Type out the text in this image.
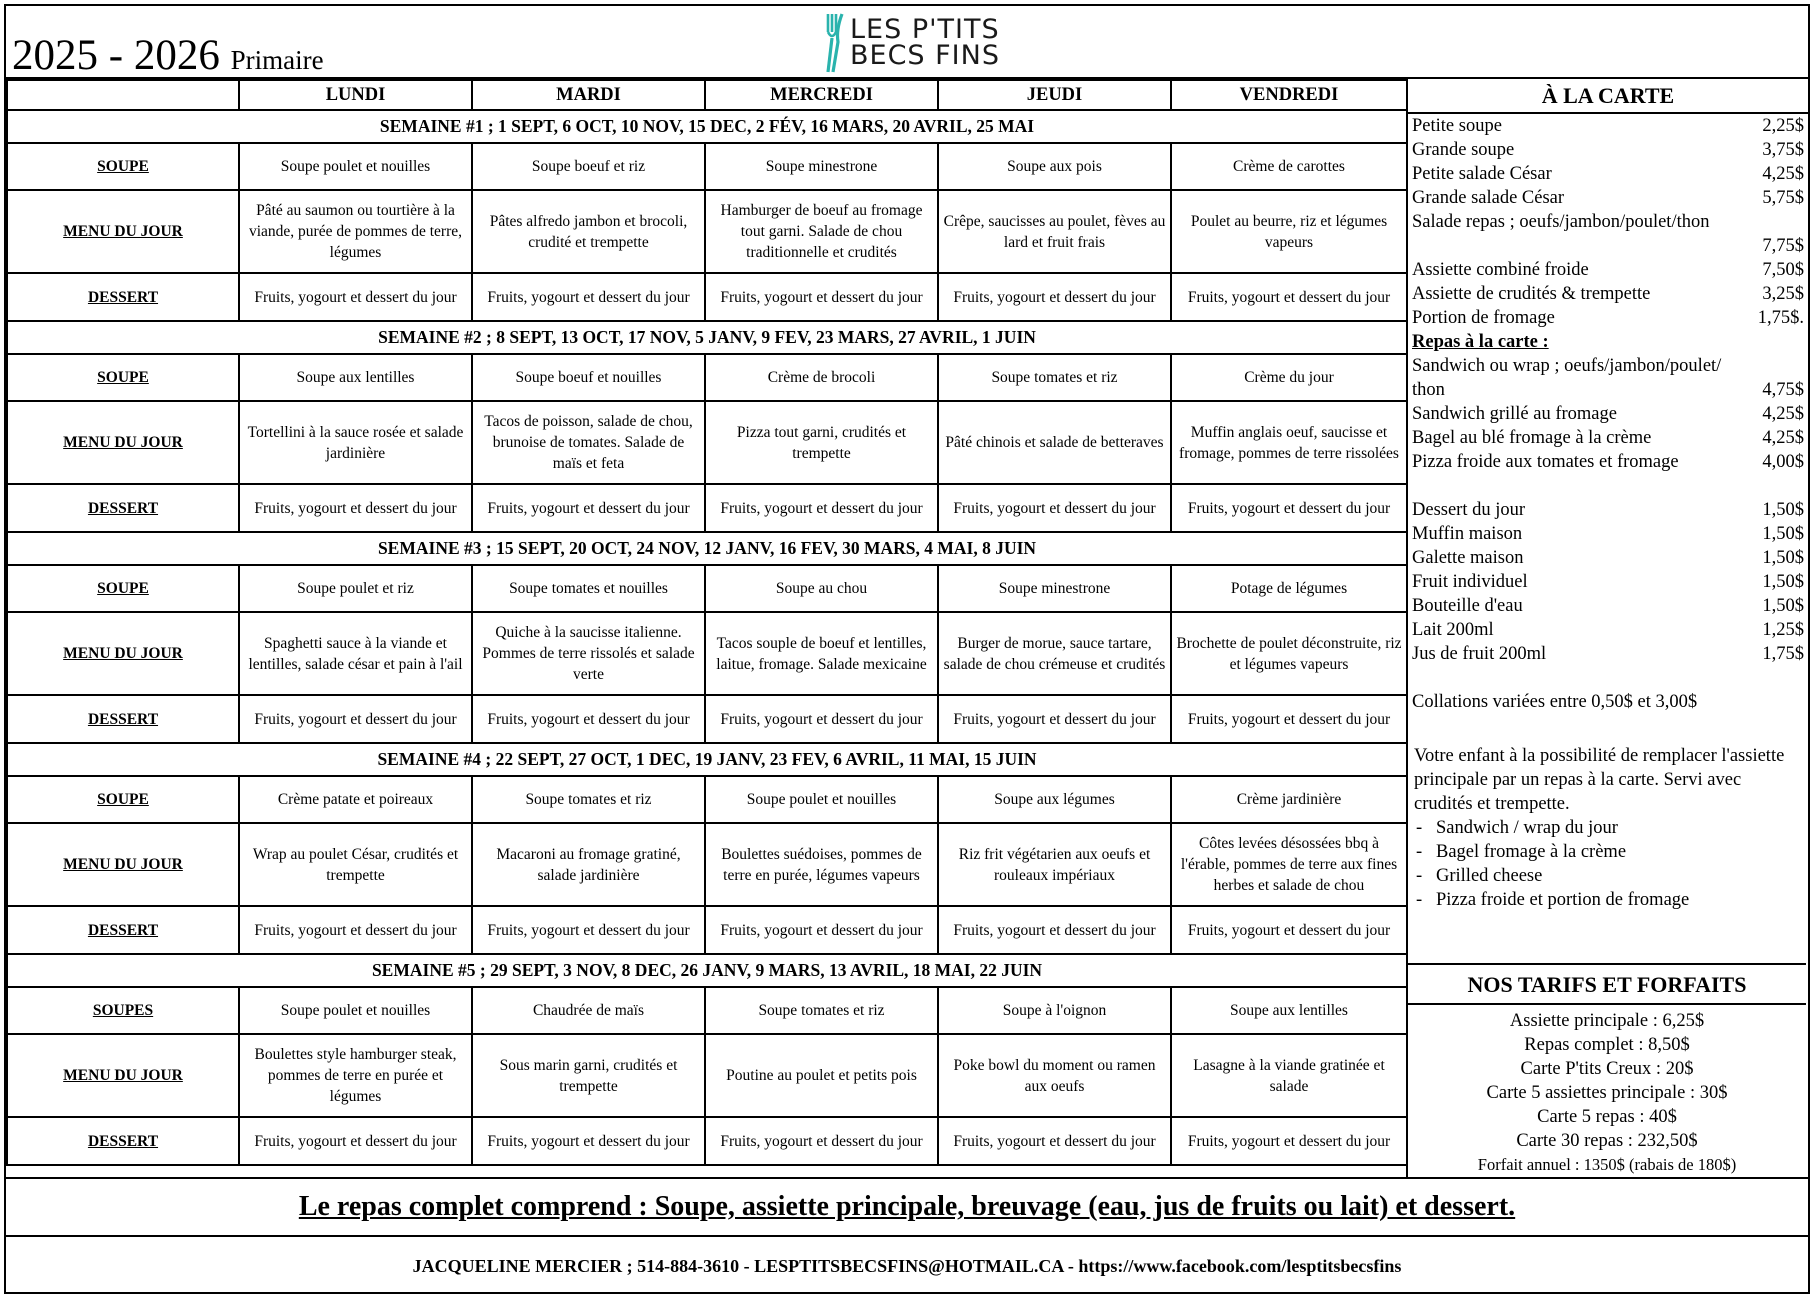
2025 - 2026 Primaire
LES P'TITS
BECS FINS
	LUNDI	MARDI	MERCREDI	JEUDI	VENDREDI
SEMAINE #1 ; 1 SEPT, 6 OCT, 10 NOV, 15 DEC, 2 FÉV, 16 MARS, 20 AVRIL, 25 MAI					
SOUPE	Soupe poulet et nouilles	Soupe boeuf et riz	Soupe minestrone	Soupe aux pois	Crème de carottes
MENU DU JOUR	Pâté au saumon ou tourtière à la viande, purée de pommes de terre, légumes	Pâtes alfredo jambon et brocoli, crudité et trempette	Hamburger de boeuf au fromage tout garni. Salade de chou traditionnelle et crudités	Crêpe, saucisses au poulet, fèves au lard et fruit frais	Poulet au beurre, riz et légumes vapeurs
DESSERT	Fruits, yogourt et dessert du jour	Fruits, yogourt et dessert du jour	Fruits, yogourt et dessert du jour	Fruits, yogourt et dessert du jour	Fruits, yogourt et dessert du jour
SEMAINE #2 ; 8 SEPT, 13 OCT, 17 NOV, 5 JANV, 9 FEV, 23 MARS, 27 AVRIL, 1 JUIN					
SOUPE	Soupe aux lentilles	Soupe boeuf et nouilles	Crème de brocoli	Soupe tomates et riz	Crème du jour
MENU DU JOUR	Tortellini à la sauce rosée et salade jardinière	Tacos de poisson, salade de chou, brunoise de tomates. Salade de maïs et feta	Pizza tout garni, crudités et trempette	Pâté chinois et salade de betteraves	Muffin anglais oeuf, saucisse et fromage, pommes de terre rissolées
DESSERT	Fruits, yogourt et dessert du jour	Fruits, yogourt et dessert du jour	Fruits, yogourt et dessert du jour	Fruits, yogourt et dessert du jour	Fruits, yogourt et dessert du jour
SEMAINE #3 ; 15 SEPT, 20 OCT, 24 NOV, 12 JANV, 16 FEV, 30 MARS, 4 MAI, 8 JUIN					
SOUPE	Soupe poulet et riz	Soupe tomates et nouilles	Soupe au chou	Soupe minestrone	Potage de légumes
MENU DU JOUR	Spaghetti sauce à la viande et lentilles, salade césar et pain à l'ail	Quiche à la saucisse italienne. Pommes de terre rissolés et salade verte	Tacos souple de boeuf et lentilles, laitue, fromage. Salade mexicaine	Burger de morue, sauce tartare, salade de chou crémeuse et crudités	Brochette de poulet déconstruite, riz et légumes vapeurs
DESSERT	Fruits, yogourt et dessert du jour	Fruits, yogourt et dessert du jour	Fruits, yogourt et dessert du jour	Fruits, yogourt et dessert du jour	Fruits, yogourt et dessert du jour
SEMAINE #4 ; 22 SEPT, 27 OCT, 1 DEC, 19 JANV, 23 FEV, 6 AVRIL, 11 MAI, 15 JUIN					
SOUPE	Crème patate et poireaux	Soupe tomates et riz	Soupe poulet et nouilles	Soupe aux légumes	Crème jardinière
MENU DU JOUR	Wrap au poulet César, crudités et trempette	Macaroni au fromage gratiné, salade jardinière	Boulettes suédoises, pommes de terre en purée, légumes vapeurs	Riz frit végétarien aux oeufs et rouleaux impériaux	Côtes levées désossées bbq à l'érable, pommes de terre aux fines herbes et salade de chou
DESSERT	Fruits, yogourt et dessert du jour	Fruits, yogourt et dessert du jour	Fruits, yogourt et dessert du jour	Fruits, yogourt et dessert du jour	Fruits, yogourt et dessert du jour
SEMAINE #5 ; 29 SEPT, 3 NOV, 8 DEC, 26 JANV, 9 MARS, 13 AVRIL, 18 MAI, 22 JUIN					
SOUPES	Soupe poulet et nouilles	Chaudrée de maïs	Soupe tomates et riz	Soupe à l'oignon	Soupe aux lentilles
MENU DU JOUR	Boulettes style hamburger steak, pommes de terre en purée et légumes	Sous marin garni, crudités et trempette	Poutine au poulet et petits pois	Poke bowl du moment ou ramen aux oeufs	Lasagne à la viande gratinée et salade
DESSERT	Fruits, yogourt et dessert du jour	Fruits, yogourt et dessert du jour	Fruits, yogourt et dessert du jour	Fruits, yogourt et dessert du jour	Fruits, yogourt et dessert du jour
À LA CARTE
Petite soupe	2,25$
Grande soupe	3,75$
Petite salade César	4,25$
Grande salade César	5,75$
Salade repas ; oeufs/jambon/poulet/thon
7,75$
Assiette combiné froide	7,50$
Assiette de crudités & trempette	3,25$
Portion de fromage	1,75$.
Repas à la carte :
Sandwich ou wrap ; oeufs/jambon/poulet/
thon	4,75$
Sandwich grillé au fromage	4,25$
Bagel au blé fromage à la crème	4,25$
Pizza froide aux tomates et fromage	4,00$
Dessert du jour	1,50$
Muffin maison	1,50$
Galette maison	1,50$
Fruit individuel	1,50$
Bouteille d'eau	1,50$
Lait 200ml	1,25$
Jus de fruit 200ml	1,75$
Collations variées entre 0,50$ et 3,00$
Votre enfant à la possibilité de remplacer l'assiette principale par un repas à la carte. Servi avec crudités et trempette.
- Sandwich / wrap du jour
- Bagel fromage à la crème
- Grilled cheese
- Pizza froide et portion de fromage
NOS TARIFS ET FORFAITS
Assiette principale : 6,25$
Repas complet : 8,50$
Carte P'tits Creux : 20$
Carte 5 assiettes principale : 30$
Carte 5 repas : 40$
Carte 30 repas : 232,50$
Forfait annuel : 1350$ (rabais de 180$)
Le repas complet comprend : Soupe, assiette principale, breuvage (eau, jus de fruits ou lait) et dessert.
JACQUELINE MERCIER ; 514-884-3610 - LESPTITSBECSFINS@HOTMAIL.CA - https://www.facebook.com/lesptitsbecsfins
